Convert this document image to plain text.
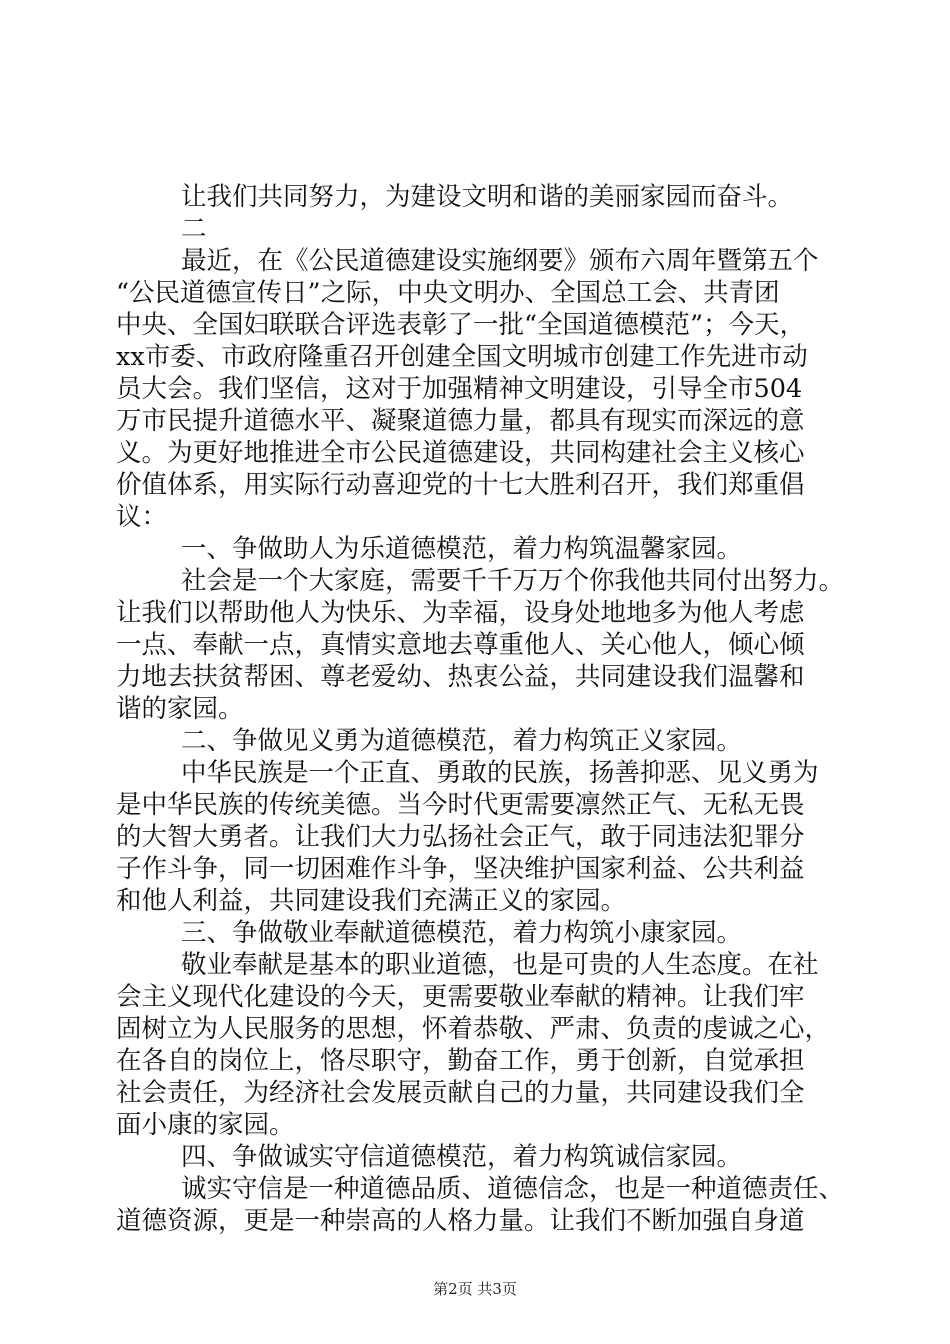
让我们共同努力，为建设文明和谐的美丽家园而奋斗。
二
最近，在《公民道德建设实施纲要》颁布六周年暨第五个
“公民道德宣传日”之际，中央文明办、全国总工会、共青团
中央、全国妇联联合评选表彰了一批“全国道德模范”；今天，
xx市委、市政府隆重召开创建全国文明城市创建工作先进市动
员大会。我们坚信，这对于加强精神文明建设，引导全市504
万市民提升道德水平、凝聚道德力量，都具有现实而深远的意
义。为更好地推进全市公民道德建设，共同构建社会主义核心
价值体系，用实际行动喜迎党的十七大胜利召开，我们郑重倡
议：
一、争做助人为乐道德模范，着力构筑温馨家园。
社会是一个大家庭，需要千千万万个你我他共同付出努力。
让我们以帮助他人为快乐、为幸福，设身处地地多为他人考虑
一点、奉献一点，真情实意地去尊重他人、关心他人，倾心倾
力地去扶贫帮困、尊老爱幼、热衷公益，共同建设我们温馨和
谐的家园。
二、争做见义勇为道德模范，着力构筑正义家园。
中华民族是一个正直、勇敢的民族，扬善抑恶、见义勇为
是中华民族的传统美德。当今时代更需要凛然正气、无私无畏
的大智大勇者。让我们大力弘扬社会正气，敢于同违法犯罪分
子作斗争，同一切困难作斗争，坚决维护国家利益、公共利益
和他人利益，共同建设我们充满正义的家园。
三、争做敬业奉献道德模范，着力构筑小康家园。
敬业奉献是基本的职业道德，也是可贵的人生态度。在社
会主义现代化建设的今天，更需要敬业奉献的精神。让我们牢
固树立为人民服务的思想，怀着恭敬、严肃、负责的虔诚之心，
在各自的岗位上，恪尽职守，勤奋工作，勇于创新，自觉承担
社会责任，为经济社会发展贡献自己的力量，共同建设我们全
面小康的家园。
四、争做诚实守信道德模范，着力构筑诚信家园。
诚实守信是一种道德品质、道德信念，也是一种道德责任、
道德资源，更是一种崇高的人格力量。让我们不断加强自身道
第2页 共3页
